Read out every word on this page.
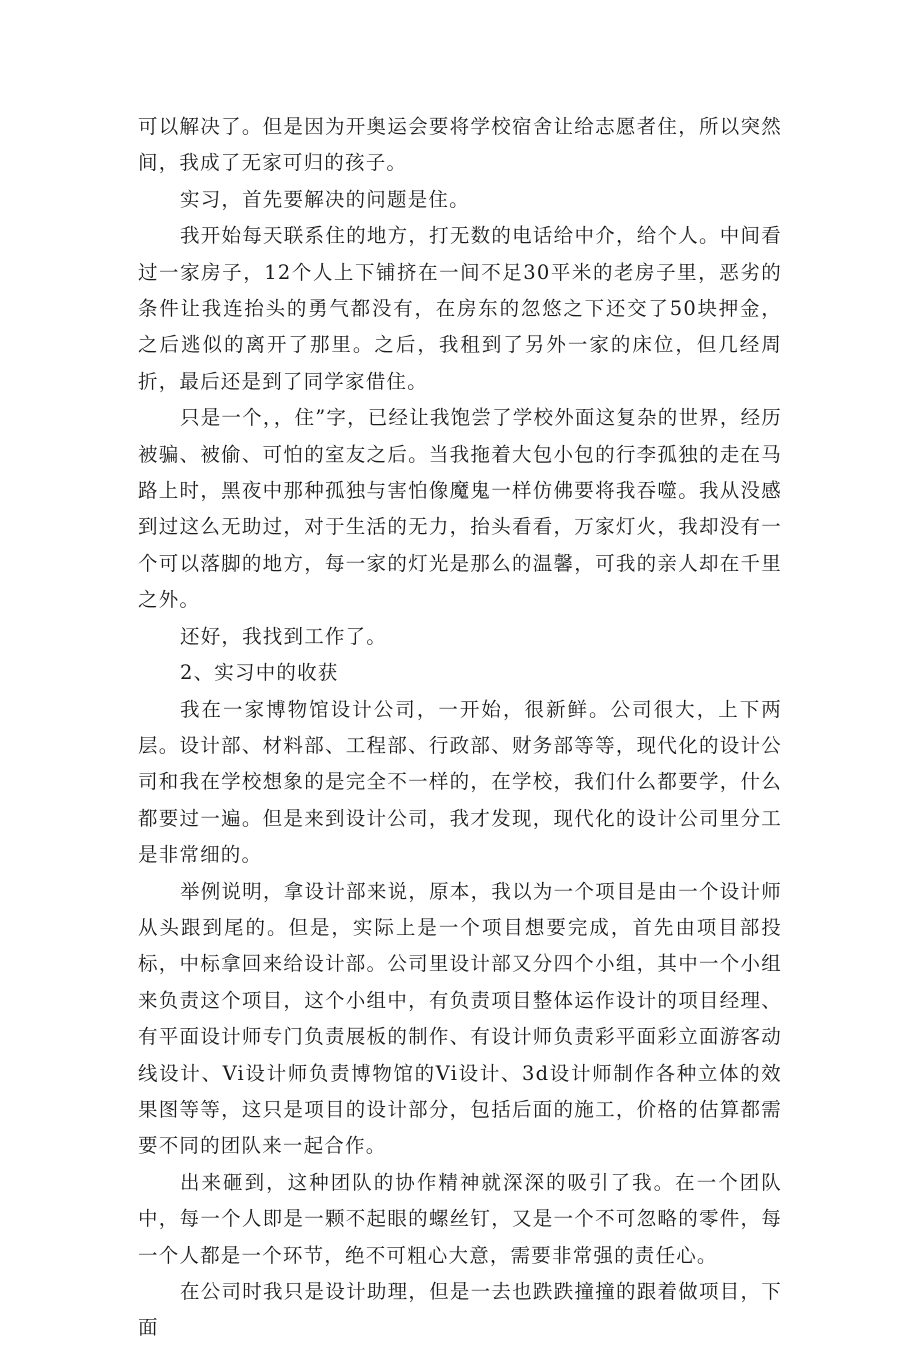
可以解决了。但是因为开奥运会要将学校宿舍让给志愿者住，所以突然间，我成了无家可归的孩子。

实习，首先要解决的问题是住。

我开始每天联系住的地方，打无数的电话给中介，给个人。中间看过一家房子，12个人上下铺挤在一间不足30平米的老房子里，恶劣的条件让我连抬头的勇气都没有，在房东的忽悠之下还交了50块押金，之后逃似的离开了那里。之后，我租到了另外一家的床位，但几经周折，最后还是到了同学家借住。

只是一个，，住”字，已经让我饱尝了学校外面这复杂的世界，经历被骗、被偷、可怕的室友之后。当我拖着大包小包的行李孤独的走在马路上时，黑夜中那种孤独与害怕像魔鬼一样仿佛要将我吞噬。我从没感到过这么无助过，对于生活的无力，抬头看看，万家灯火，我却没有一个可以落脚的地方，每一家的灯光是那么的温馨，可我的亲人却在千里之外。

还好，我找到工作了。

2、实习中的收获

我在一家博物馆设计公司，一开始，很新鲜。公司很大，上下两层。设计部、材料部、工程部、行政部、财务部等等，现代化的设计公司和我在学校想象的是完全不一样的，在学校，我们什么都要学，什么都要过一遍。但是来到设计公司，我才发现，现代化的设计公司里分工是非常细的。

举例说明，拿设计部来说，原本，我以为一个项目是由一个设计师从头跟到尾的。但是，实际上是一个项目想要完成，首先由项目部投标，中标拿回来给设计部。公司里设计部又分四个小组，其中一个小组来负责这个项目，这个小组中，有负责项目整体运作设计的项目经理、有平面设计师专门负责展板的制作、有设计师负责彩平面彩立面游客动线设计、Vi设计师负责博物馆的Vi设计、3d设计师制作各种立体的效果图等等，这只是项目的设计部分，包括后面的施工，价格的估算都需要不同的团队来一起合作。

出来砸到，这种团队的协作精神就深深的吸引了我。在一个团队中，每一个人即是一颗不起眼的螺丝钉，又是一个不可忽略的零件，每一个人都是一个环节，绝不可粗心大意，需要非常强的责任心。

在公司时我只是设计助理，但是一去也跌跌撞撞的跟着做项目，下面
